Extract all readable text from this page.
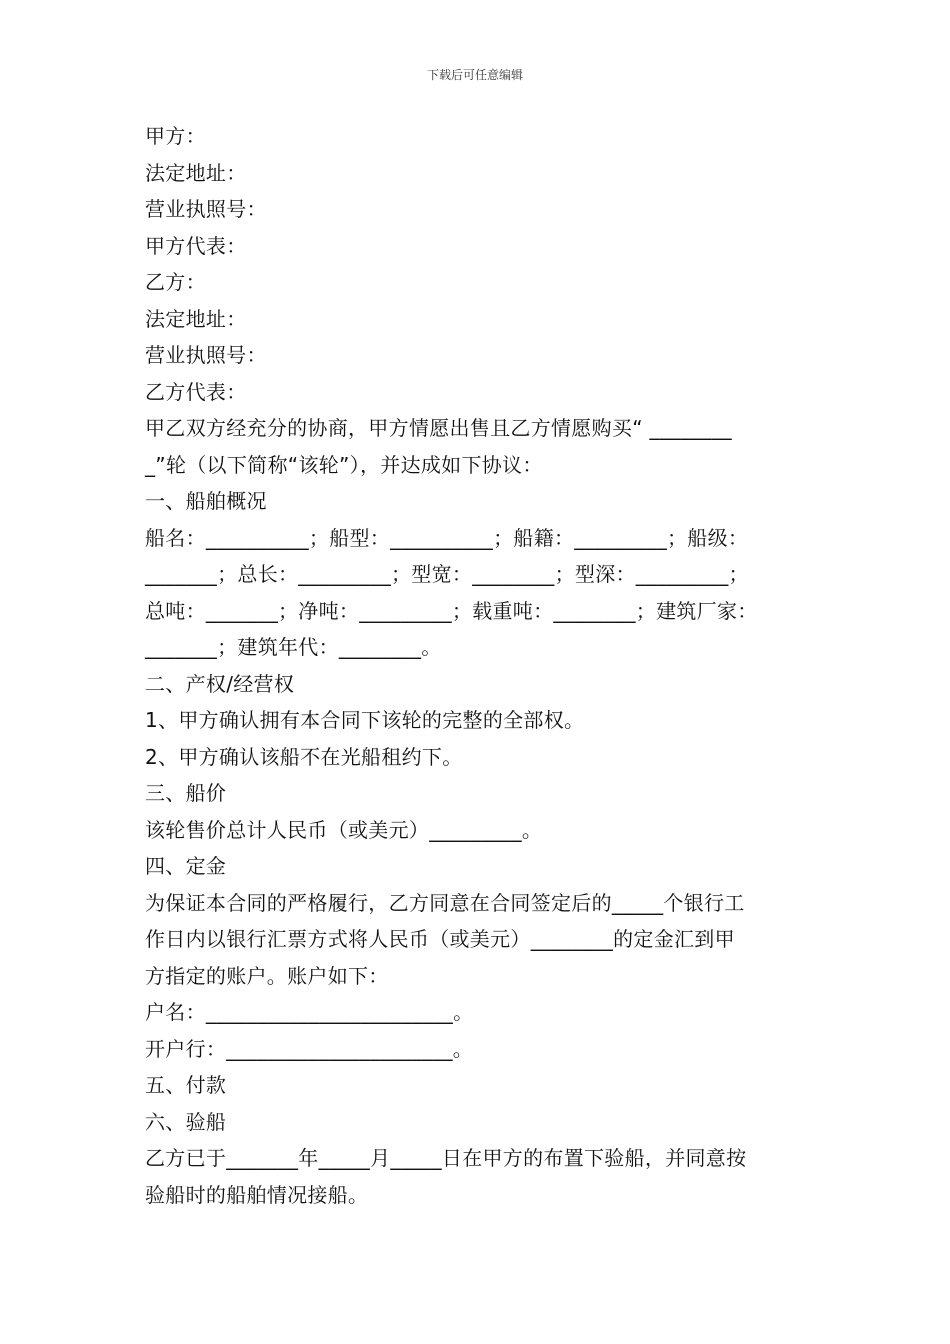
下载后可任意编辑
甲方：
法定地址：
营业执照号：
甲方代表：
乙方：
法定地址：
营业执照号：
乙方代表：
甲乙双方经充分的协商，甲方情愿出售且乙方情愿购买“ ________
_”轮（以下简称“该轮”），并达成如下协议：
一、船舶概况
船名：__________；船型：__________；船籍：_________；船级：
_______；总长：_________；型宽：________；型深：_________；
总吨：_______；净吨：_________；载重吨：________；建筑厂家：
_______；建筑年代：________。
二、产权/经营权
1、甲方确认拥有本合同下该轮的完整的全部权。
2、甲方确认该船不在光船租约下。
三、船价
该轮售价总计人民币（或美元）_________。
四、定金
为保证本合同的严格履行，乙方同意在合同签定后的_____个银行工
作日内以银行汇票方式将人民币（或美元）________的定金汇到甲
方指定的账户。账户如下：
户名：________________________。
开户行：______________________。
五、付款
六、验船
乙方已于_______年_____月_____日在甲方的布置下验船，并同意按
验船时的船舶情况接船。
